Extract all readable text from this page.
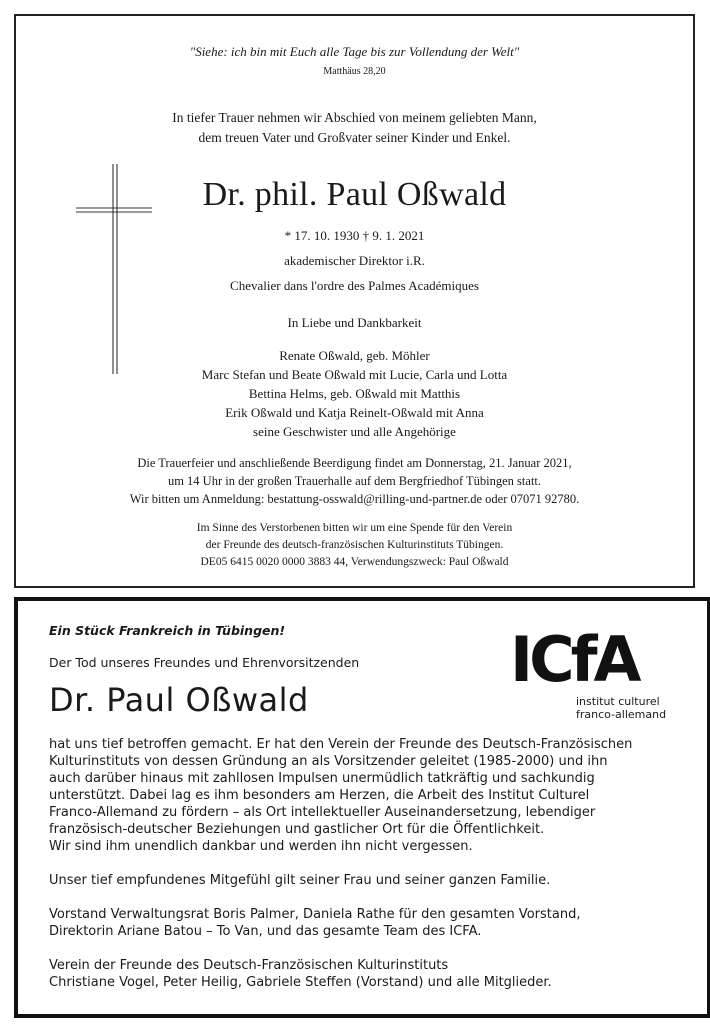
"Siehe: ich bin mit Euch alle Tage bis zur Vollendung der Welt"
Matthäus 28,20
In tiefer Trauer nehmen wir Abschied von meinem geliebten Mann,
dem treuen Vater und Großvater seiner Kinder und Enkel.
Dr. phil. Paul Oßwald
* 17. 10. 1930 † 9. 1. 2021
akademischer Direktor i.R.
Chevalier dans l'ordre des Palmes Académiques
In Liebe und Dankbarkeit
Renate Oßwald, geb. Möhler
Marc Stefan und Beate Oßwald mit Lucie, Carla und Lotta
Bettina Helms, geb. Oßwald mit Matthis
Erik Oßwald und Katja Reinelt-Oßwald mit Anna
seine Geschwister und alle Angehörige
Die Trauerfeier und anschließende Beerdigung findet am Donnerstag, 21. Januar 2021,
um 14 Uhr in der großen Trauerhalle auf dem Bergfriedhof Tübingen statt.
Wir bitten um Anmeldung: bestattung-osswald@rilling-und-partner.de oder 07071 92780.
Im Sinne des Verstorbenen bitten wir um eine Spende für den Verein
der Freunde des deutsch-französischen Kulturinstituts Tübingen.
DE05 6415 0020 0000 3883 44, Verwendungszweck: Paul Oßwald
Ein Stück Frankreich in Tübingen!
Der Tod unseres Freundes und Ehrenvorsitzenden
Dr. Paul Oßwald
ICfA
institut culturel
franco-allemand
hat uns tief betroffen gemacht. Er hat den Verein der Freunde des Deutsch-Französischen
Kulturinstituts von dessen Gründung an als Vorsitzender geleitet (1985-2000) und ihn
auch darüber hinaus mit zahllosen Impulsen unermüdlich tatkräftig und sachkundig
unterstützt. Dabei lag es ihm besonders am Herzen, die Arbeit des Institut Culturel
Franco-Allemand zu fördern – als Ort intellektueller Auseinandersetzung, lebendiger
französisch-deutscher Beziehungen und gastlicher Ort für die Öffentlichkeit.
Wir sind ihm unendlich dankbar und werden ihn nicht vergessen.
Unser tief empfundenes Mitgefühl gilt seiner Frau und seiner ganzen Familie.
Vorstand Verwaltungsrat Boris Palmer, Daniela Rathe für den gesamten Vorstand,
Direktorin Ariane Batou – To Van, und das gesamte Team des ICFA.
Verein der Freunde des Deutsch-Französischen Kulturinstituts
Christiane Vogel, Peter Heilig, Gabriele Steffen (Vorstand) und alle Mitglieder.
